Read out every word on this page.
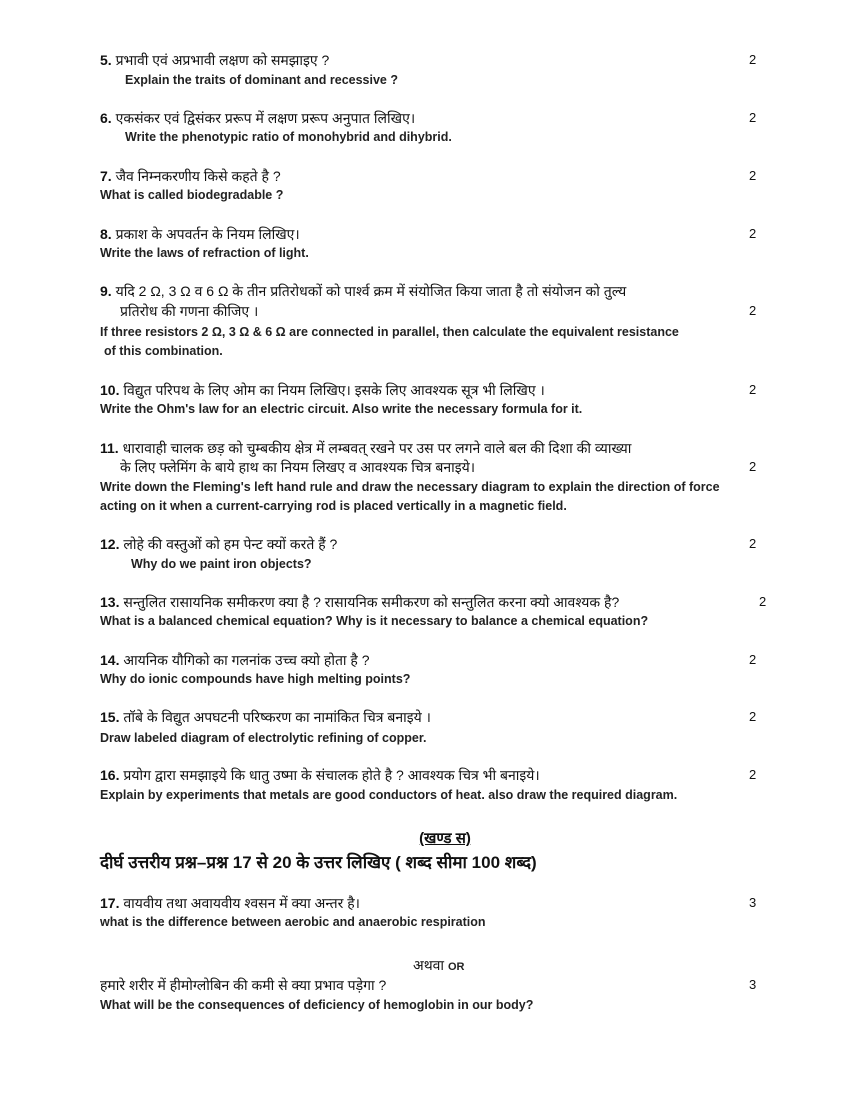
5. प्रभावी एवं अप्रभावी लक्षण को समझाइए ?
Explain the traits of dominant and recessive ?
2
6. एकसंकर एवं द्विसंकर प्ररूप में लक्षण प्ररूप अनुपात लिखिए।
Write the phenotypic ratio of monohybrid and dihybrid.
2
7. जैव निम्नकरणीय किसे कहते है ?
What is called biodegradable ?
2
8. प्रकाश के अपवर्तन के नियम लिखिए।
Write the laws of refraction of light.
2
9. यदि 2 Ω, 3 Ω व 6 Ω के तीन प्रतिरोधकों को पार्श्व क्रम में संयोजित किया जाता है तो संयोजन को तुल्य
प्रतिरोध की गणना कीजिए ।
If three resistors 2 Ω, 3 Ω & 6 Ω are connected in parallel, then calculate the equivalent resistance
of this combination.
2
10. विद्युत परिपथ के लिए ओम का नियम लिखिए। इसके लिए आवश्यक सूत्र भी लिखिए ।
Write the Ohm's law for an electric circuit. Also write the necessary formula for it.
2
11. धारावाही चालक छड़ को चुम्बकीय क्षेत्र में लम्बवत् रखने पर उस पर लगने वाले बल की दिशा की व्याख्या
के लिए फ्लेमिंग के बाये हाथ का नियम लिखए व आवश्यक चित्र बनाइये।
Write down the Fleming's left hand rule and draw the necessary diagram to explain the direction of force
acting on it when a current-carrying rod is placed vertically in a magnetic field.
2
12. लोहे की वस्तुओं को हम पेन्ट क्यों करते हैं ?
Why do we paint iron objects?
2
13. सन्तुलित रासायनिक समीकरण क्या है ? रासायनिक समीकरण को सन्तुलित करना क्यो आवश्यक है?
What is a balanced chemical equation? Why is it necessary to balance a chemical equation?
2
14. आयनिक यौगिको का गलनांक उच्च क्यो होता है ?
Why do ionic compounds have high melting points?
2
15. तॉबे के विद्युत अपघटनी परिष्करण का नामांकित चित्र बनाइये ।
Draw labeled diagram of electrolytic refining of copper.
2
16. प्रयोग द्वारा समझाइये कि धातु उष्मा के संचालक होते है ? आवश्यक चित्र भी बनाइये।
Explain by experiments that metals are good conductors of heat. also draw the required diagram.
2
(खण्ड स)
दीर्घ उत्तरीय प्रश्न–प्रश्न 17 से 20 के उत्तर लिखिए ( शब्द सीमा 100 शब्द)
17. वायवीय तथा अवायवीय श्वसन में क्या अन्तर है।
what is the difference between aerobic and anaerobic respiration
3
अथवा OR
हमारे शरीर में हीमोग्लोबिन की कमी से क्या प्रभाव पड़ेगा ?
What will be the consequences of deficiency of hemoglobin in our body?
3
